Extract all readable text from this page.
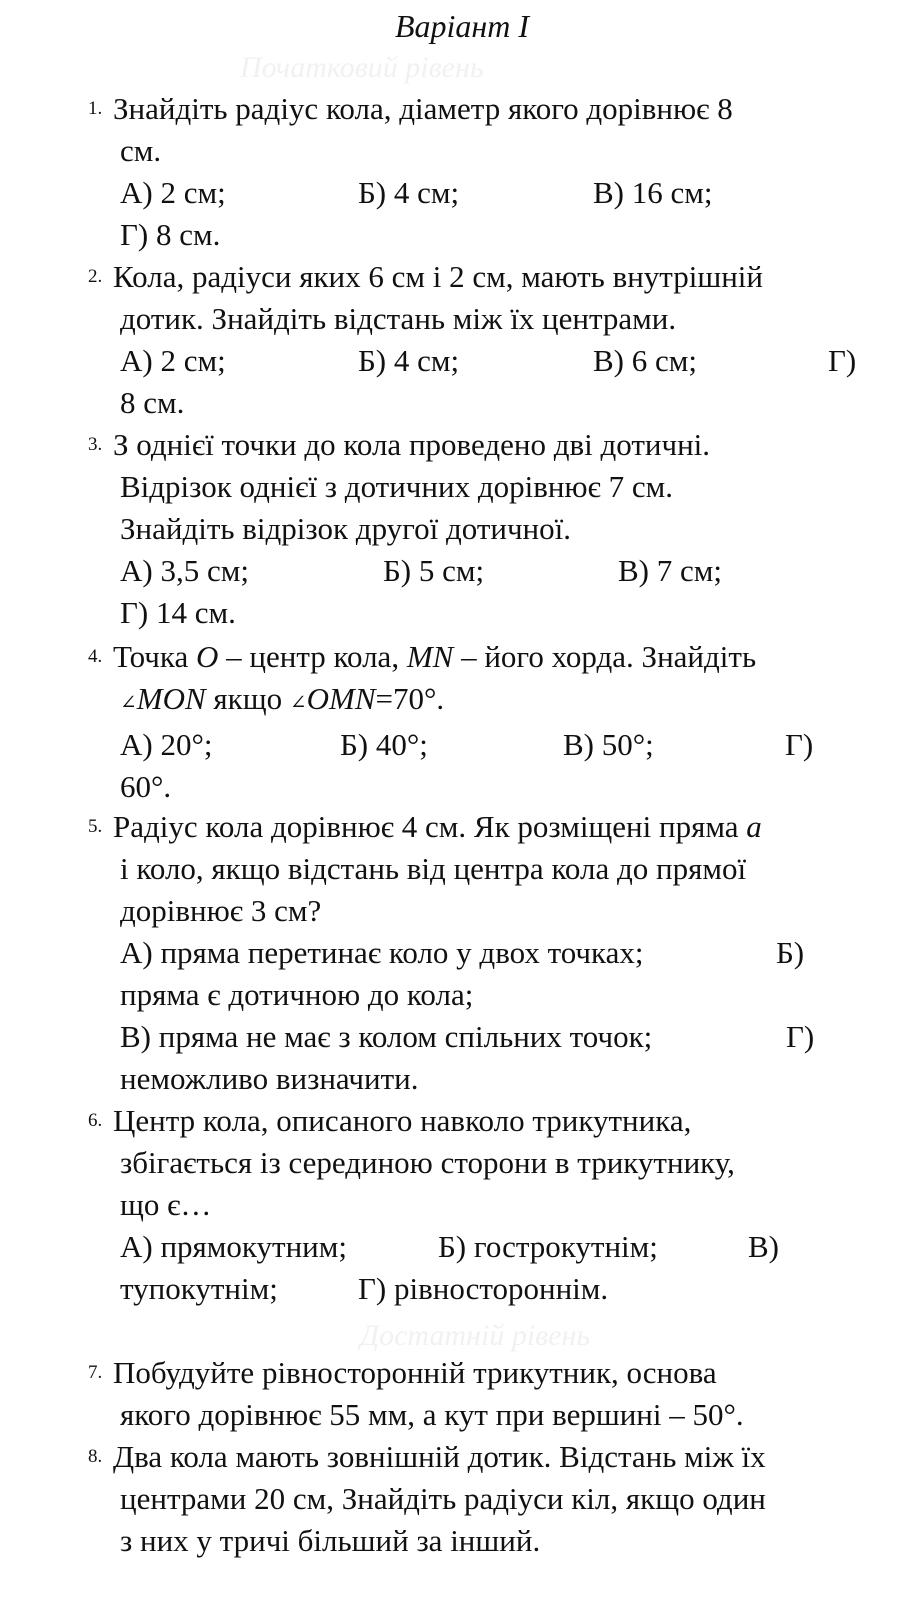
Варіант І
Початковий рівень
Достатній рівень
1. Знайдіть радіус кола, діаметр якого дорівнює 8
см.
А) 2 см;	Б) 4 см;	В) 16 см;
Г) 8 см.
2. Кола, радіуси яких 6 см і 2 см, мають внутрішній
дотик. Знайдіть відстань між їх центрами.
А) 2 см;	Б) 4 см;	В) 6 см;	Г)
8 см.
3. З однієї точки до кола проведено дві дотичні.
Відрізок однієї з дотичних дорівнює 7 см.
Знайдіть відрізок другої дотичної.
А) 3,5 см;	Б) 5 см;	В) 7 см;
Г) 14 см.
4. Точка O – центр кола, MN – його хорда. Знайдіть
∠MON якщо ∠OMN=70°.
А) 20°;	Б) 40°;	В) 50°;	Г)
60°.
5. Радіус кола дорівнює 4 см. Як розміщені пряма a
і коло, якщо відстань від центра кола до прямої
дорівнює 3 см?
А) пряма перетинає коло у двох точках;	Б)
пряма є дотичною до кола;
В) пряма не має з колом спільних точок;	Г)
неможливо визначити.
6. Центр кола, описаного навколо трикутника,
збігається із серединою сторони в трикутнику,
що є…
А) прямокутним;	Б) гострокутнім;	В)
тупокутнім;	Г) рівностороннім.
7. Побудуйте рівносторонній трикутник, основа
якого дорівнює 55 мм, а кут при вершині – 50°.
8. Два кола мають зовнішній дотик. Відстань між їх
центрами 20 см, Знайдіть радіуси кіл, якщо один
з них у тричі більший за інший.
